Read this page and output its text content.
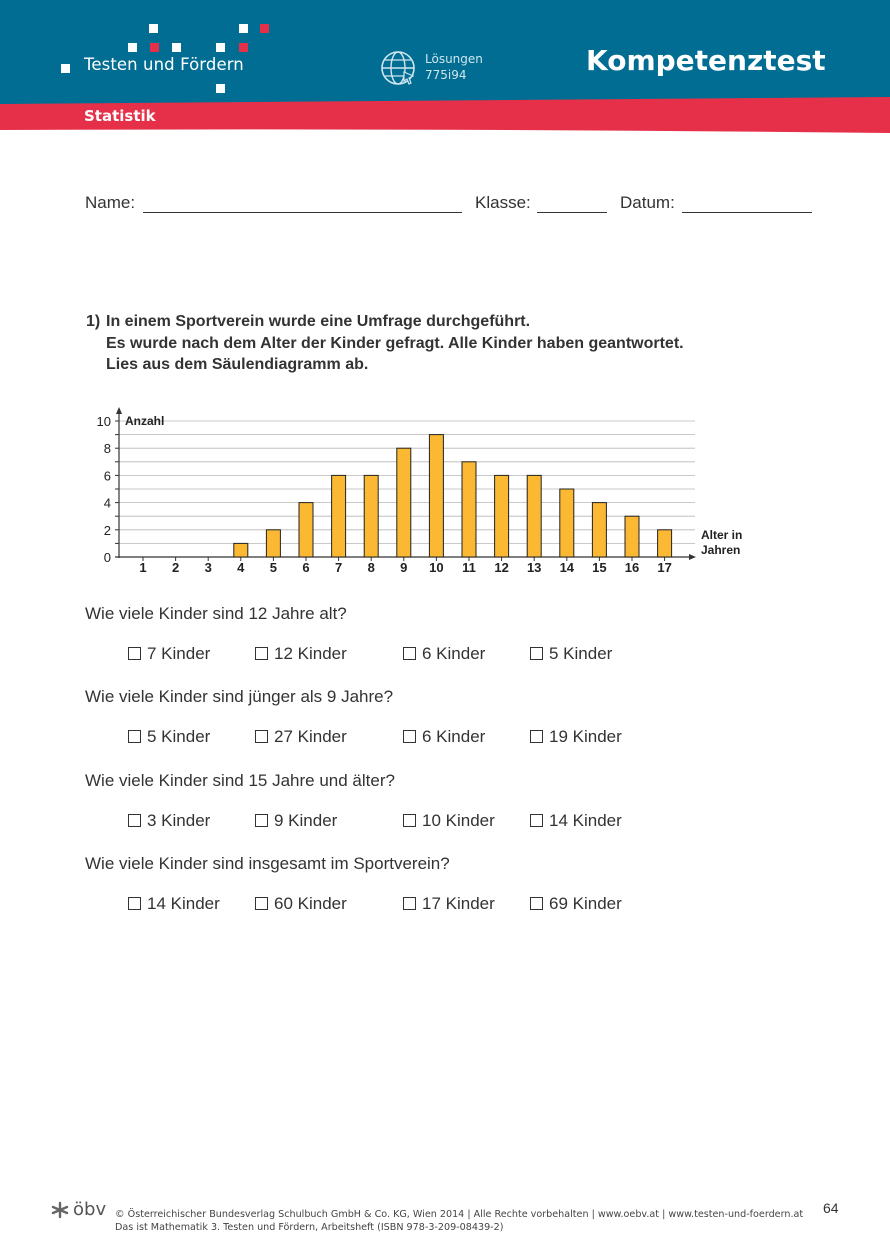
Testen und Fördern	Lösungen
775i94	Kompetenztest
Statistik
Name:	Klasse:	Datum:
1) In einem Sportverein wurde eine Umfrage durchgeführt.
Es wurde nach dem Alter der Kinder gefragt. Alle Kinder haben geantwortet.
Lies aus dem Säulendiagramm ab.
1 2 3 4 5 6 7 8 9 10 11 12 13 14 15 16 17
0
2
4
6
8
10 Anzahl
Alter in
Jahren
Wie viele Kinder sind 12 Jahre alt?
7 Kinder	12 Kinder	6 Kinder	5 Kinder
Wie viele Kinder sind jünger als 9 Jahre?
5 Kinder	27 Kinder	6 Kinder	19 Kinder
Wie viele Kinder sind 15 Jahre und älter?
3 Kinder	9 Kinder	10 Kinder	14 Kinder
Wie viele Kinder sind insgesamt im Sportverein?
14 Kinder	60 Kinder	17 Kinder	69 Kinder
öbv © Österreichischer Bundesverlag Schulbuch GmbH & Co. KG, Wien 2014 | Alle Rechte vorbehalten | www.oebv.at | www.testen-und-foerdern.at
Das ist Mathematik 3. Testen und Fördern, Arbeitsheft (ISBN 978-3-209-08439-2)
64
